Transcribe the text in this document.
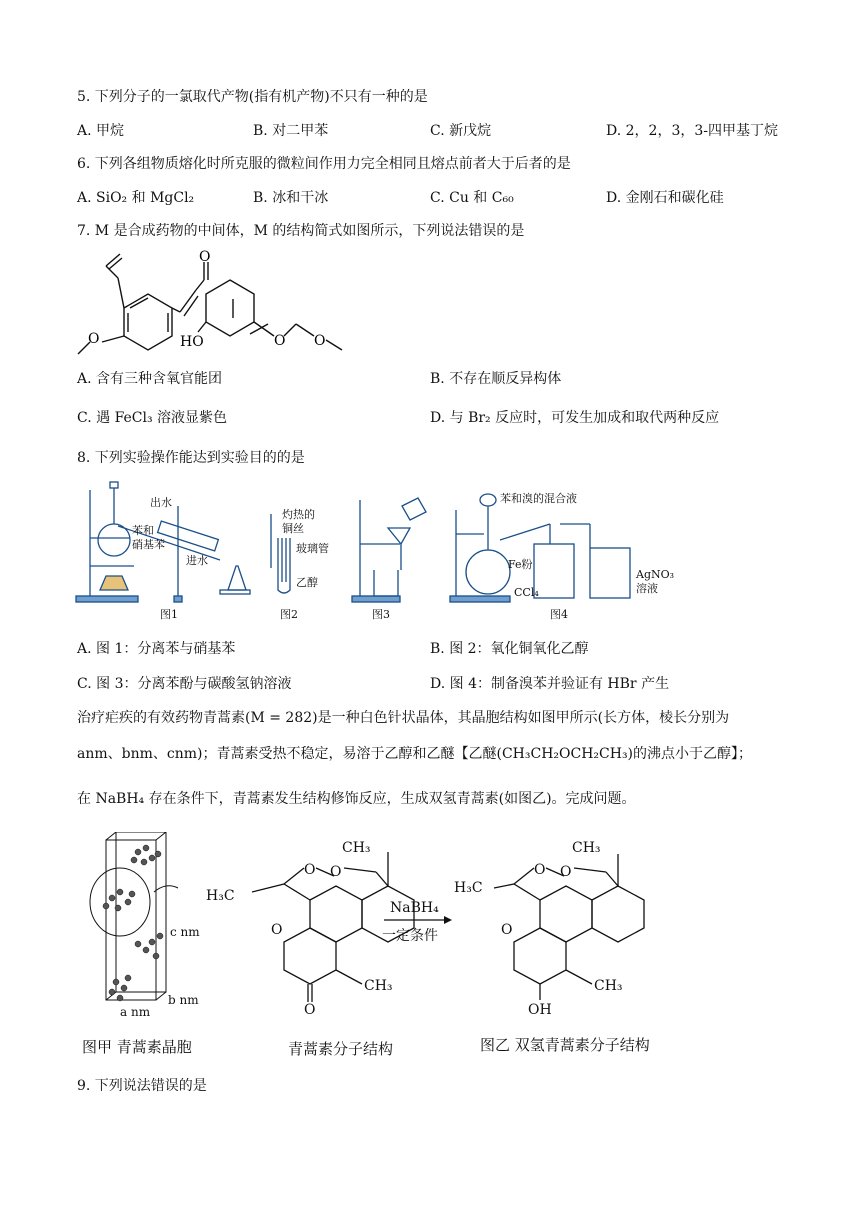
5. 下列分子的一氯取代产物(指有机产物)不只有一种的是
A. 甲烷	B. 对二甲苯	C. 新戊烷	D. 2，2，3，3-四甲基丁烷
6. 下列各组物质熔化时所克服的微粒间作用力完全相同且熔点前者大于后者的是
A. SiO₂ 和 MgCl₂	B. 冰和干冰	C. Cu 和 C₆₀	D. 金刚石和碳化硅
7. M 是合成药物的中间体，M 的结构简式如图所示，下列说法错误的是
O
O	HO	O O
A. 含有三种含氧官能团	B. 不存在顺反异构体
C. 遇 FeCl₃ 溶液显紫色	D. 与 Br₂ 反应时，可发生加成和取代两种反应
8. 下列实验操作能达到实验目的的是
出水
进水
苯和
硝基苯
灼热的
铜丝
玻璃管
乙醇
苯和溴的混合液
Fe粉
CCl₄
AgNO₃
溶液
图1	图2	图3	图4
A. 图 1：分离苯与硝基苯	B. 图 2：氧化铜氧化乙醇
C. 图 3：分离苯酚与碳酸氢钠溶液	D. 图 4：制备溴苯并验证有 HBr 产生
治疗疟疾的有效药物青蒿素(M = 282)是一种白色针状晶体，其晶胞结构如图甲所示(长方体，棱长分别为
anm、bnm、cnm)；青蒿素受热不稳定，易溶于乙醇和乙醚【乙醚(CH₃CH₂OCH₂CH₃)的沸点小于乙醇】；
在 NaBH₄ 存在条件下，青蒿素发生结构修饰反应，生成双氢青蒿素(如图乙)。完成问题。
c nm
b nm
a nm
H₃C
CH₃
CH₃
O
O
O O
NaBH₄
一定条件
H₃C
CH₃
CH₃
OH
O
O O
图甲 青蒿素晶胞	青蒿素分子结构	图乙 双氢青蒿素分子结构
9. 下列说法错误的是
